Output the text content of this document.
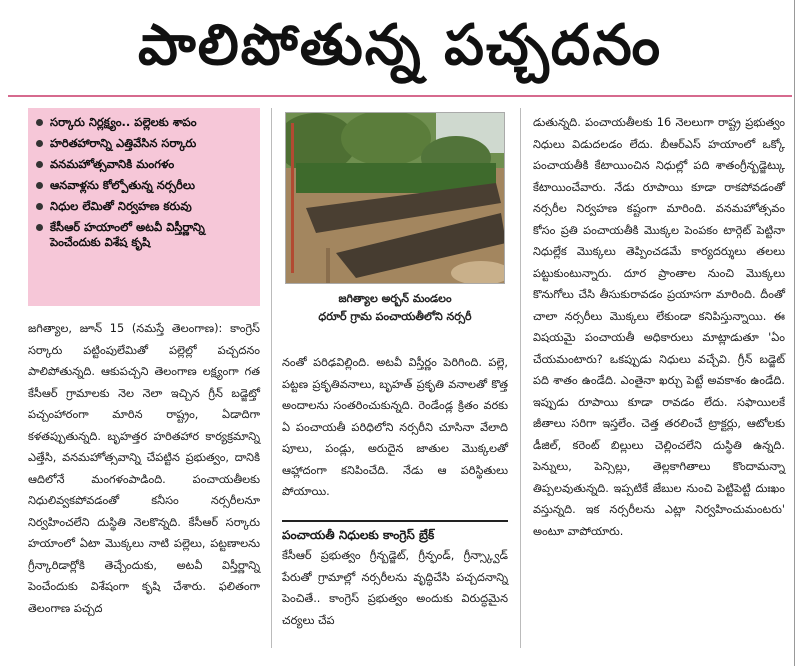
పాలిపోతున్న పచ్చదనం
సర్కారు నిర్లక్ష్యం.. పల్లెలకు శాపం
హరితహారాన్ని ఎత్తివేసిన సర్కారు
వనమహోత్సవానికి మంగళం
ఆనవాళ్లను కోల్పోతున్న నర్సరీలు
నిధుల లేమితో నిర్వహణ కరువు
కేసీఆర్ హయాంలో అటవీ విస్తీర్ణాన్ని పెంచేందుకు విశేష కృషి
జగిత్యాల అర్బన్ మండలం
ధరూర్ గ్రామ పంచాయతీలోని నర్సరీ

జగిత్యాల, జూన్ 15 (నమస్తే తెలంగాణ): కాంగ్రెస్ సర్కారు పట్టింపులేమితో పల్లెల్లో పచ్చదనం పాలిపోతున్నది. ఆకుపచ్చని తెలంగాణ లక్ష్యంగా గత కేసీఆర్ గ్రామాలకు నెల నెలా ఇచ్చిన గ్రీన్ బడ్జెట్తో పచ్చంహారంగా మారిన రాష్ట్రం, ఏడాదిగా కళతప్పుతున్నది. బృహత్తర హరితహార కార్యక్రమాన్ని ఎత్తేసి, వనమహోత్సవాన్ని చేపట్టిన ప్రభుత్వం, దానికి ఆదిలోనే మంగళంపాడింది. పంచాయతీలకు నిధులివ్వకపోవడంతో కనీసం నర్సరీలనూ నిర్వహించలేని దుస్థితి నెలకొన్నది. కేసీఆర్ సర్కారు హయాంలో ఏటా మొక్కలు నాటి పల్లెలు, పట్టణాలను గ్రీన్కారిడార్లోకి తెచ్చేందుకు, అటవీ విస్తీర్ణాన్ని పెంచేందుకు విశేషంగా కృషి చేశారు. ఫలితంగా తెలంగాణ పచ్చద

నంతో పరిఢవిల్లింది. అటవీ విస్తీర్ణం పెరిగింది. పల్లె, పట్టణ ప్రకృతివనాలు, బృహత్ ప్రకృతి వనాలతో కొత్త అందాలను సంతరించుకున్నది. రెండేండ్ల క్రితం వరకు ఏ పంచాయతీ పరిధిలోని నర్సరీని చూసినా వేలాది పూలు, పండ్లు, అరుదైన జాతుల మొక్కలతో ఆహ్లాదంగా కనిపించేది. నేడు ఆ పరిస్థితులు పోయాయి.

పంచాయతీ నిధులకు కాంగ్రెస్ బ్రేక్

కేసీఆర్ ప్రభుత్వం గ్రీన్బడ్జెట్, గ్రీన్ఫండ్, గ్రీన్స్క్వాడ్ పేరుతో గ్రామాల్లో నర్సరీలను వృద్ధిచేసి పచ్చదనాన్ని పెంచితే.. కాంగ్రెస్ ప్రభుత్వం అందుకు విరుద్ధమైన చర్యలు చేప

డుతున్నది. పంచాయతీలకు 16 నెలలుగా రాష్ట్ర ప్రభుత్వం నిధులు విడుదలడం లేదు. బీఆర్ఎస్ హయాంలో ఒక్కో పంచాయతీకి కేటాయించిన నిధుల్లో పది శాతంగ్రీన్బడ్జెట్కు కేటాయించేవారు. నేడు రూపాయి కూడా రాకపోవడంతో నర్సరీల నిర్వహణ కష్టంగా మారింది. వనమహోత్సవం కోసం ప్రతి పంచాయతీకి మొక్కల పెంపకం టార్గెట్ పెట్టినా నిధుల్లేక మొక్కలు తెప్పించడమే కార్యదర్శులు తలలు పట్టుకుంటున్నారు. దూర ప్రాంతాల నుంచి మొక్కలు కొనుగోలు చేసి తీసుకురావడం ప్రయాసగా మారింది. దీంతో చాలా నర్సరీలు మొక్కలు లేకుండా కనిపిస్తున్నాయి. ఈ విషయమై పంచాయతీ అధికారులు మాట్లాడుతూ 'ఏం చేయమంటారు? ఒకప్పుడు నిధులు వచ్చేవి. గ్రీన్ బడ్జెట్ పది శాతం ఉండేది. ఎంతైనా ఖర్చు పెట్టే అవకాశం ఉండేది. ఇప్పుడు రూపాయి కూడా రావడం లేదు. సఫాయిలకే జీతాలు సరిగా ఇస్తలేం. చెత్త తరలించే ట్రాక్టర్లు, ఆటోలకు డీజిల్, కరెంట్ బిల్లులు చెల్లించలేని దుస్థితి ఉన్నది. పెన్నులు, పెన్సిల్లు, తెల్లకాగితాలు కొందామన్నా తిప్పలవుతున్నది. ఇప్పటికే జేబుల నుంచి పెట్టిపెట్టి దుఃఖం వస్తున్నది. ఇక నర్సరీలను ఎట్లా నిర్వహించుమంటరు' అంటూ వాపోయారు.
